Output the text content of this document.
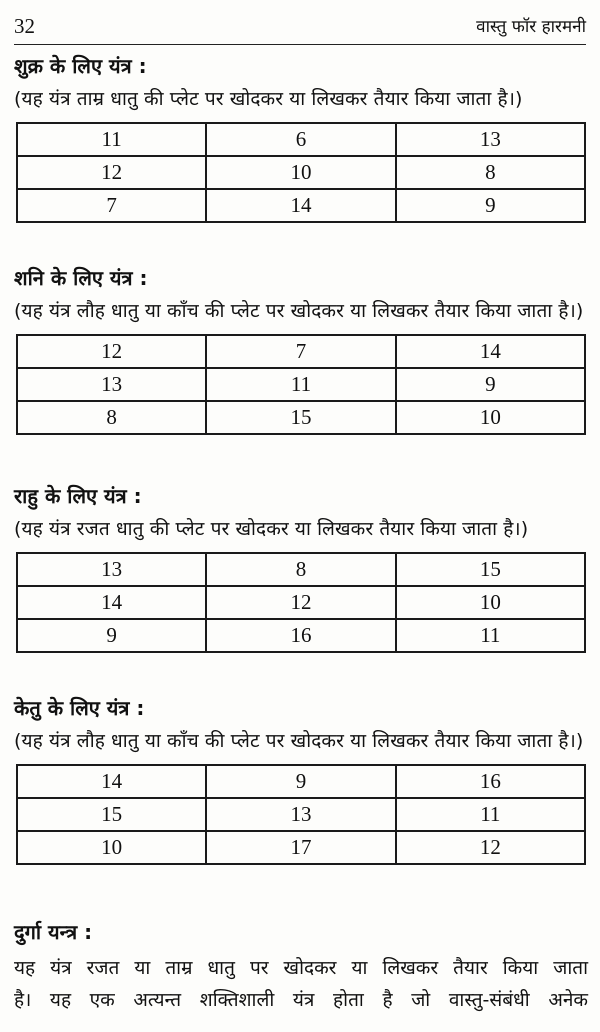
32	वास्तु फॉर हारमनी

शुक्र के लिए यंत्र :

(यह यंत्र ताम्र धातु की प्लेट पर खोदकर या लिखकर तैयार किया जाता है।)

11	6	13
12	10	8
7	14	9

शनि के लिए यंत्र :

(यह यंत्र लौह धातु या काँच की प्लेट पर खोदकर या लिखकर तैयार किया जाता है।)

12	7	14
13	11	9
8	15	10

राहु के लिए यंत्र :

(यह यंत्र रजत धातु की प्लेट पर खोदकर या लिखकर तैयार किया जाता है।)

13	8	15
14	12	10
9	16	11

केतु के लिए यंत्र :

(यह यंत्र लौह धातु या काँच की प्लेट पर खोदकर या लिखकर तैयार किया जाता है।)

14	9	16
15	13	11
10	17	12

दुर्गा यन्त्र :

यह यंत्र रजत या ताम्र धातु पर खोदकर या लिखकर तैयार किया जाता

है। यह एक अत्यन्त शक्तिशाली यंत्र होता है जो वास्तु-संबंधी अनेक
